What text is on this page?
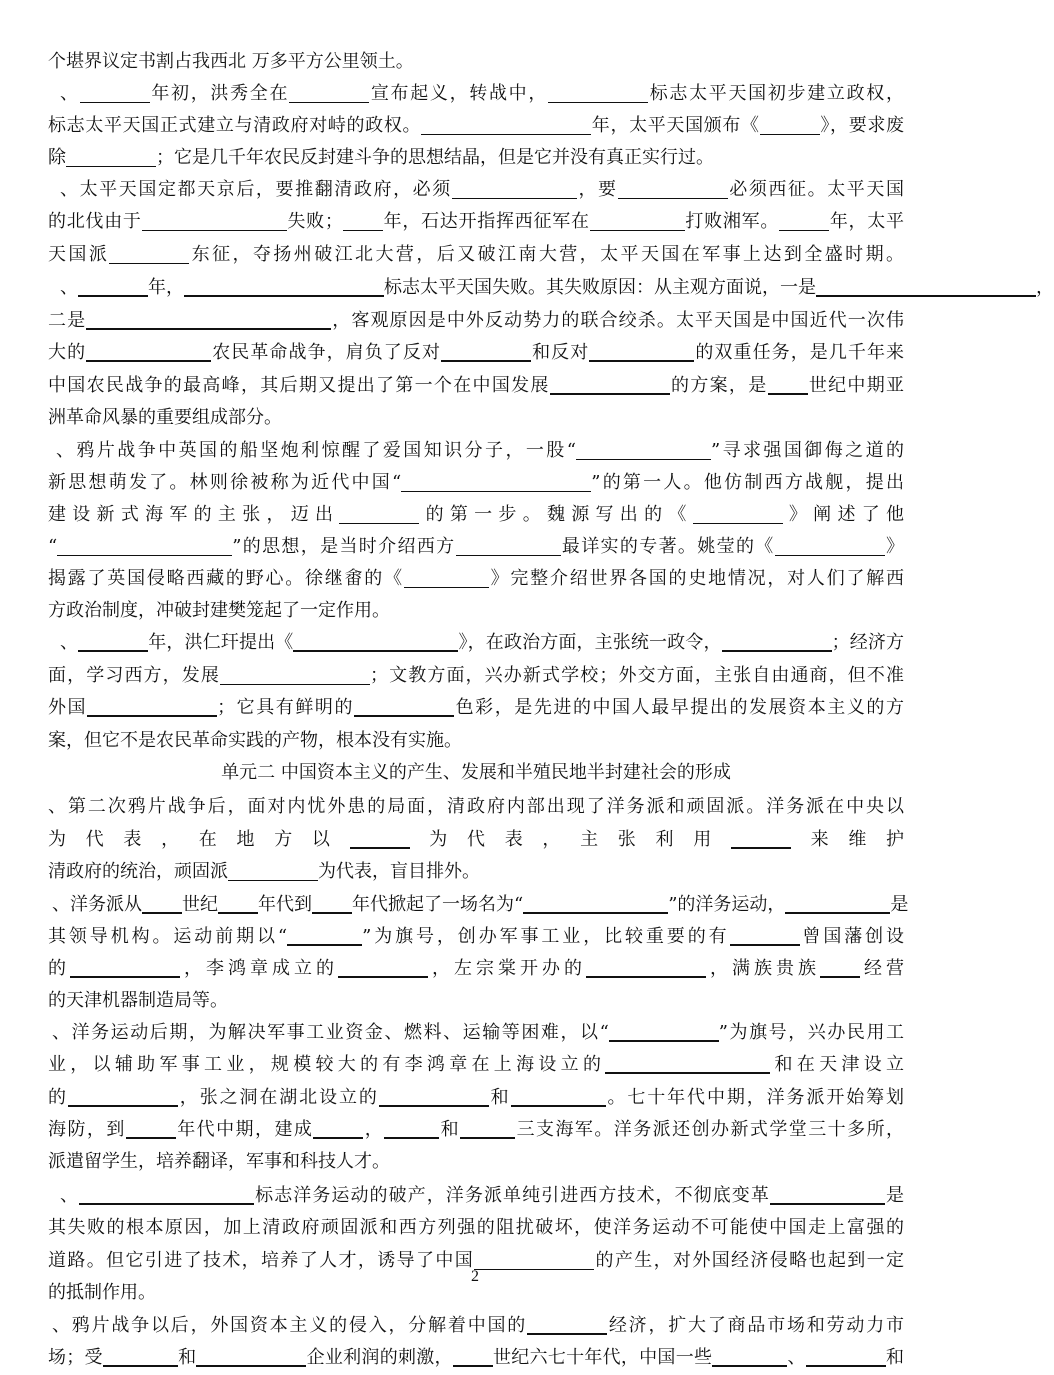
个堪界议定书割占我西北 万多平方公里领土。
、	年初，洪秀全在	宣布起义，转战中，	标志太平天国初步建立政权，
标志太平天国正式建立与清政府对峙的政权。	年，太平天国颁布《	》，要求废
除	；它是几千年农民反封建斗争的思想结晶，但是它并没有真正实行过。
、太平天国定都天京后，要推翻清政府，必须	，要	必须西征。太平天国
的北伐由于	失败； 年，石达开指挥西征军在	打败湘军。	年，太平
天国派	东征，夺扬州破江北大营，后又破江南大营，太平天国在军事上达到全盛时期。
、	年，	标志太平天国失败。其失败原因：从主观方面说，一是	，
二是	，客观原因是中外反动势力的联合绞杀。太平天国是中国近代一次伟
大的	农民革命战争，肩负了反对	和反对	的双重任务，是几千年来
中国农民战争的最高峰，其后期又提出了第一个在中国发展	的方案，是 世纪中期亚
洲革命风暴的重要组成部分。
、鸦片战争中英国的船坚炮利惊醒了爱国知识分子，一股“	”寻求强国御侮之道的
新思想萌发了。林则徐被称为近代中国“	”的第一人。他仿制西方战舰，提出
建设新式海军的主张，迈出	的第一步。魏源写出的《	》阐述了他
“	”的思想，是当时介绍西方	最详实的专著。姚莹的《	》
揭露了英国侵略西藏的野心。徐继畬的《	》完整介绍世界各国的史地情况，对人们了解西
方政治制度，冲破封建樊笼起了一定作用。
、	年，洪仁玕提出《	》，在政治方面，主张统一政令，	；经济方
面，学习西方，发展	；文教方面，兴办新式学校；外交方面，主张自由通商，但不准
外国	；它具有鲜明的	色彩，是先进的中国人最早提出的发展资本主义的方
案，但它不是农民革命实践的产物，根本没有实施。
单元二 中国资本主义的产生、发展和半殖民地半封建社会的形成
、第二次鸦片战争后，面对内忧外患的局面，清政府内部出现了洋务派和顽固派。洋务派在中央以
为代表，在地方以	为代表，主张利用	来维护
清政府的统治，顽固派	为代表，盲目排外。
、洋务派从 世纪 年代到 年代掀起了一场名为“	”的洋务运动，	是
其领导机构。运动前期以“	”为旗号，创办军事工业，比较重要的有	曾国藩创设
的	，李鸿章成立的	，左宗棠开办的	，满族贵族 经营
的天津机器制造局等。
、洋务运动后期，为解决军事工业资金、燃料、运输等困难，以“	”为旗号，兴办民用工
业，以辅助军事工业，规模较大的有李鸿章在上海设立的	和在天津设立
的	，张之洞在湖北设立的	和	。七十年代中期，洋务派开始筹划
海防，到	年代中期，建成	，	和	三支海军。洋务派还创办新式学堂三十多所，
派遣留学生，培养翻译，军事和科技人才。
、	标志洋务运动的破产，洋务派单纯引进西方技术，不彻底变革	是
其失败的根本原因，加上清政府顽固派和西方列强的阻扰破坏，使洋务运动不可能使中国走上富强的
道路。但它引进了技术，培养了人才，诱导了中国	的产生，对外国经济侵略也起到一定
的抵制作用。
、鸦片战争以后，外国资本主义的侵入，分解着中国的	经济，扩大了商品市场和劳动力市
场；受	和	企业利润的刺激， 世纪六七十年代，中国一些	、	和
2
